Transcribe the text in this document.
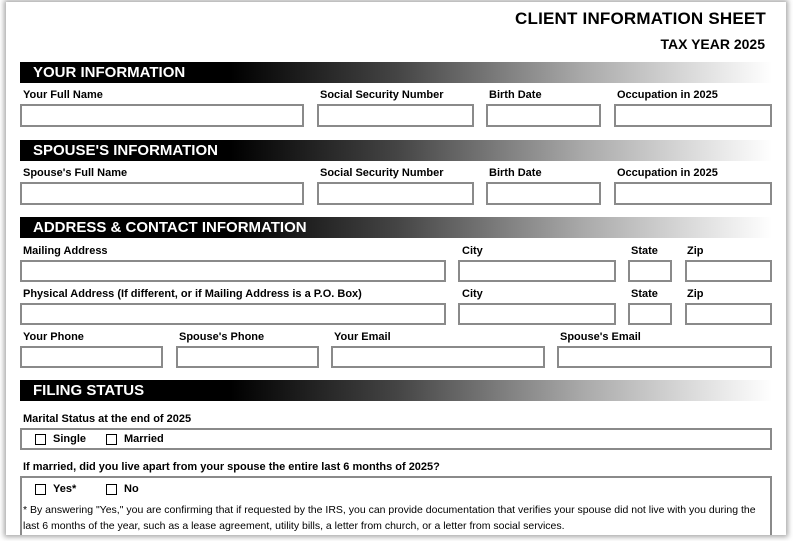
CLIENT INFORMATION SHEET
TAX YEAR 2025
YOUR INFORMATION
Your Full Name	Social Security Number	Birth Date	Occupation in 2025
SPOUSE'S INFORMATION
Spouse's Full Name	Social Security Number	Birth Date	Occupation in 2025
ADDRESS & CONTACT INFORMATION
Mailing Address	City	State	Zip
Physical Address (If different, or if Mailing Address is a P.O. Box)	City	State	Zip
Your Phone	Spouse's Phone	Your Email	Spouse's Email
FILING STATUS
Marital Status at the end of 2025
Single	Married
If married, did you live apart from your spouse the entire last 6 months of 2025?
Yes*	No
* By answering "Yes," you are confirming that if requested by the IRS, you can provide documentation that verifies your spouse did not live with you during the last 6 months of the year, such as a lease agreement, utility bills, a letter from church, or a letter from social services.
